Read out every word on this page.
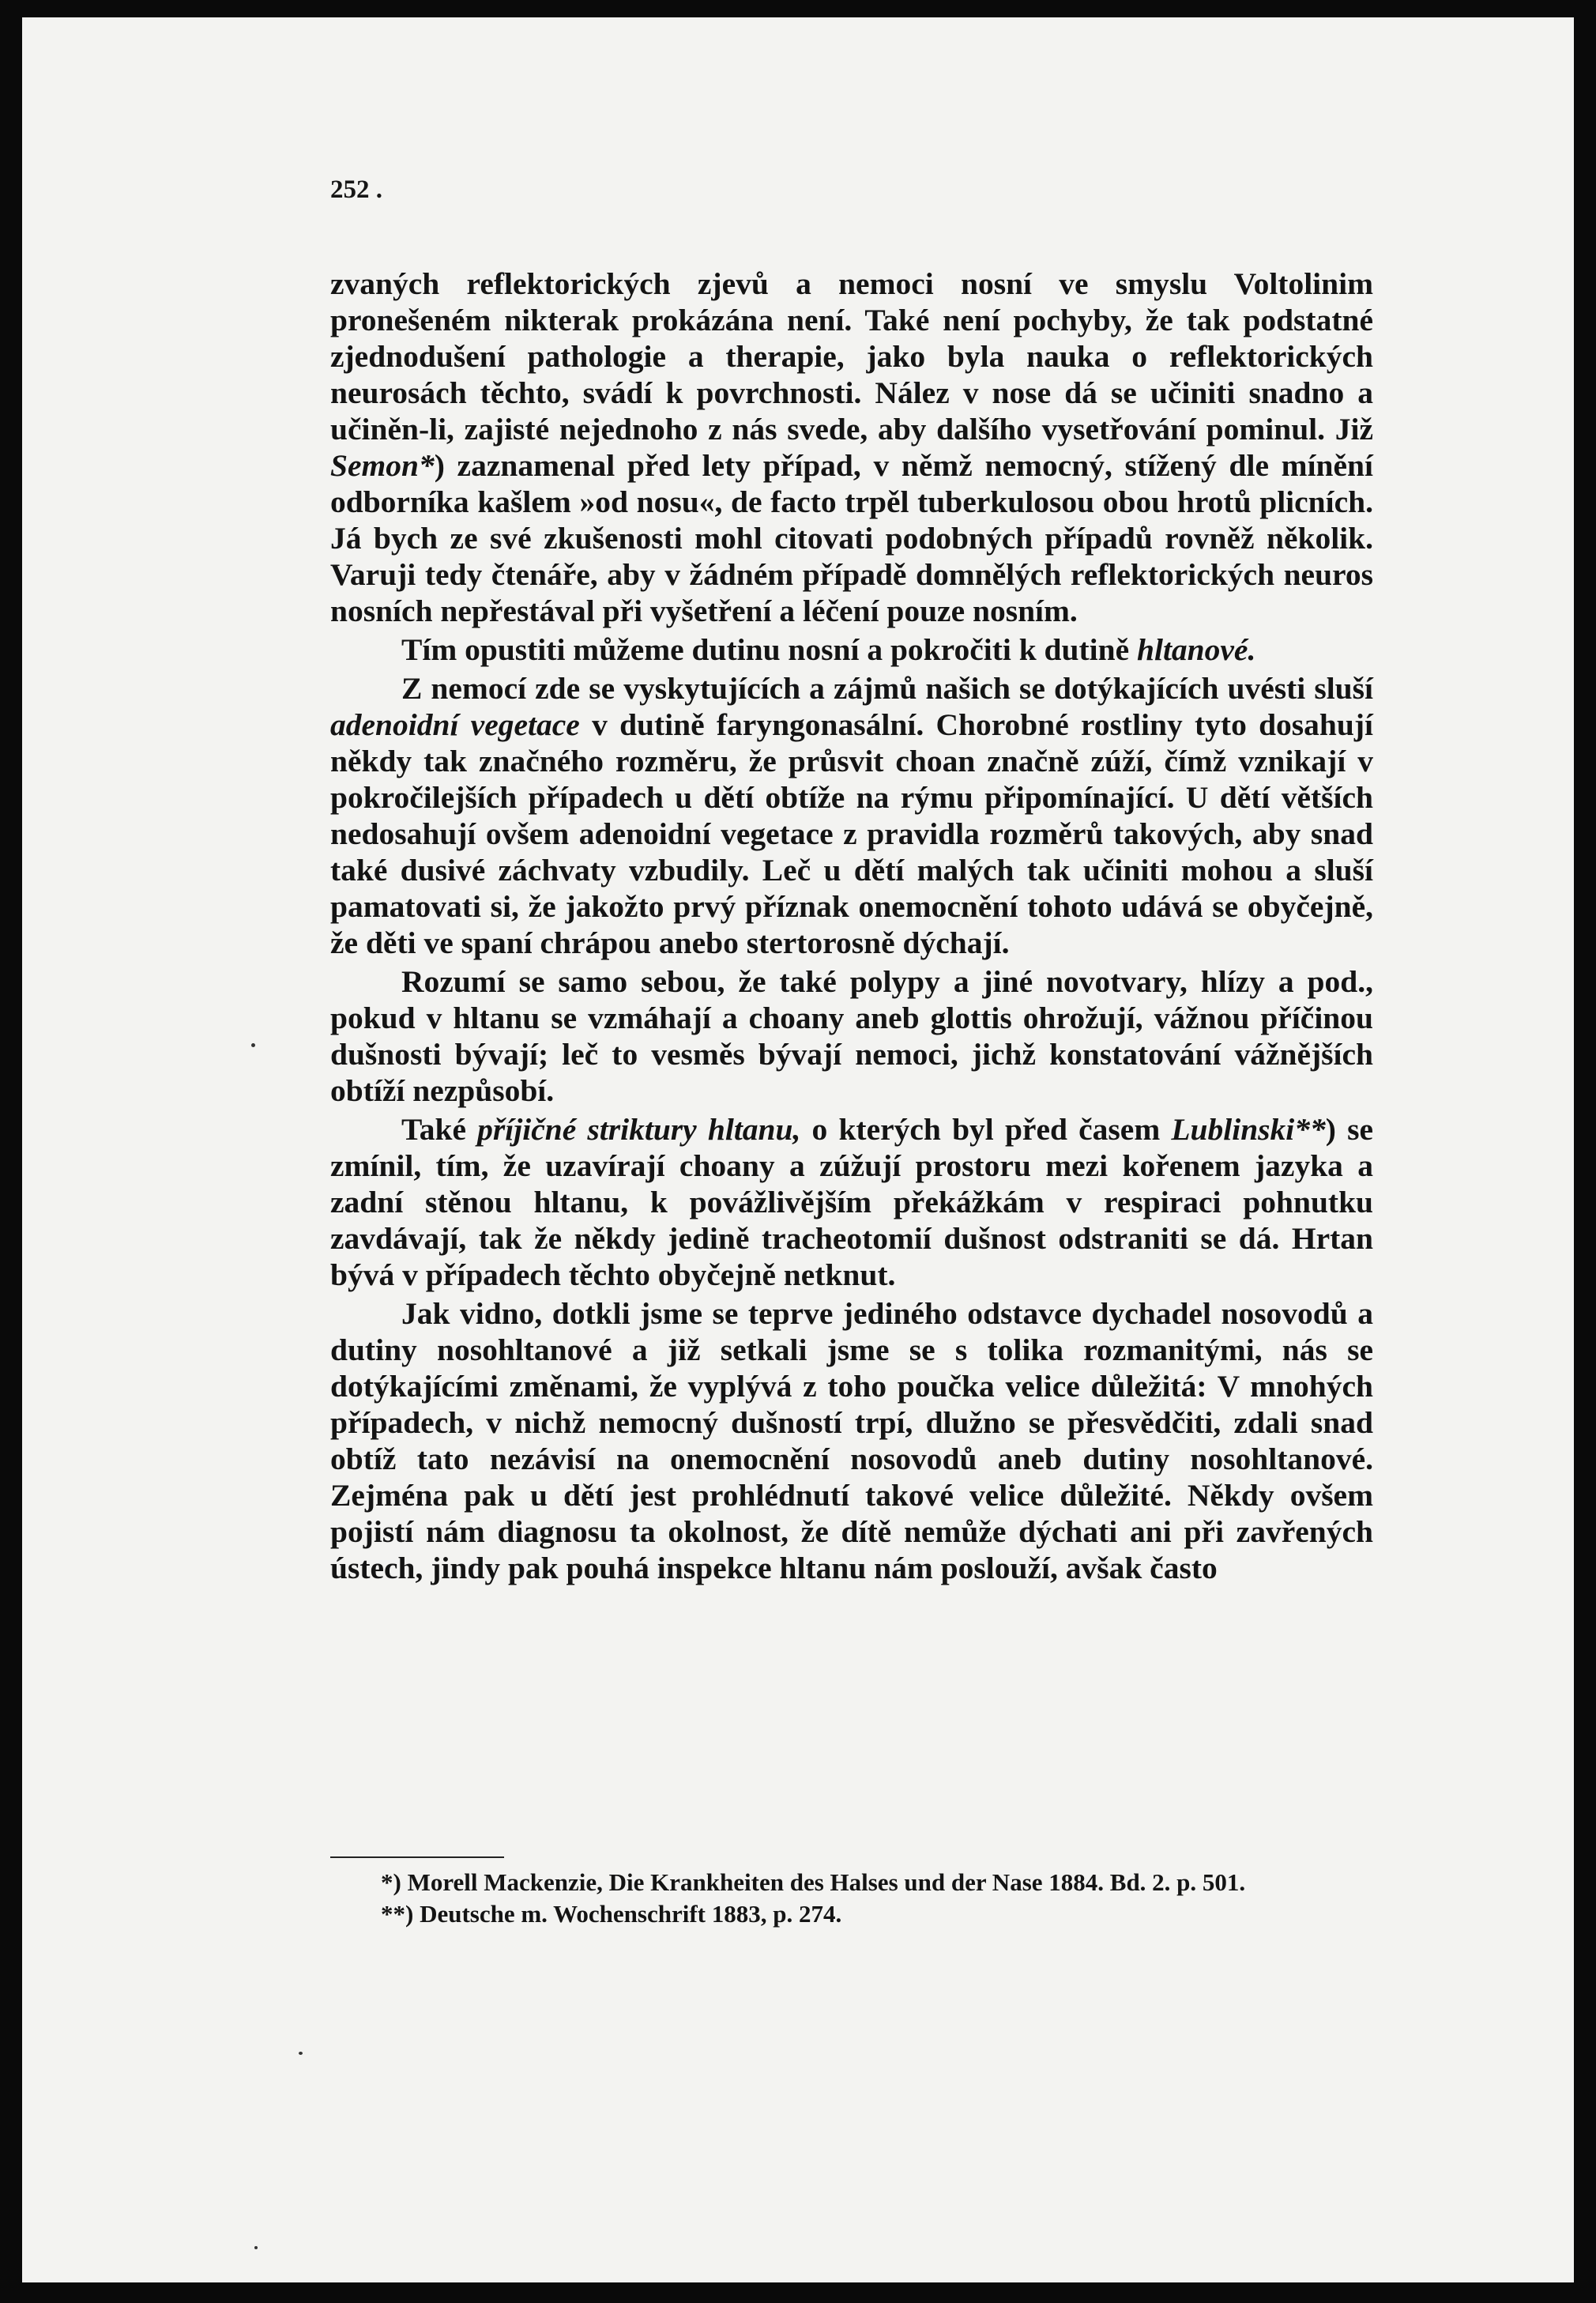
252 .

zvaných reflektorických zjevů a nemoci nosní ve smyslu Voltolinim pronešeném nikterak prokázána není. Také není pochyby, že tak podstatné zjednodušení pathologie a therapie, jako byla nauka o reflektorických neurosách těchto, svádí k povrchnosti. Nález v nose dá se učiniti snadno a učiněn-li, zajisté nejednoho z nás svede, aby dalšího vysetřování pominul. Již Semon*) zaznamenal před lety případ, v němž nemocný, stížený dle mínění odborníka kašlem »od nosu«, de facto trpěl tuberkulosou obou hrotů plicních. Já bych ze své zkušenosti mohl citovati podobných případů rovněž několik. Varuji tedy čtenáře, aby v žádném případě domnělých reflektorických neuros nosních nepřestával při vyšetření a léčení pouze nosním.

Tím opustiti můžeme dutinu nosní a pokročiti k dutině hltanové.

Z nemocí zde se vyskytujících a zájmů našich se dotýkajících uvésti sluší adenoidní vegetace v dutině faryngonasální. Chorobné rostliny tyto dosahují někdy tak značného rozměru, že průsvit choan značně zúží, čímž vznikají v pokročilejších případech u dětí obtíže na rýmu připomínající. U dětí větších nedosahují ovšem adenoidní vegetace z pravidla rozměrů takových, aby snad také dusivé záchvaty vzbudily. Leč u dětí malých tak učiniti mohou a sluší pamatovati si, že jakožto prvý příznak onemocnění tohoto udává se obyčejně, že děti ve spaní chrápou anebo stertorosně dýchají.

Rozumí se samo sebou, že také polypy a jiné novotvary, hlízy a pod., pokud v hltanu se vzmáhají a choany aneb glottis ohrožují, vážnou příčinou dušnosti bývají; leč to vesměs bývají nemoci, jichž konstatování vážnějších obtíží nezpůsobí.

Také příjičné striktury hltanu, o kterých byl před časem Lublinski**) se zmínil, tím, že uzavírají choany a zúžují prostoru mezi kořenem jazyka a zadní stěnou hltanu, k povážlivějším překážkám v respiraci pohnutku zavdávají, tak že někdy jedině tracheotomií dušnost odstraniti se dá. Hrtan bývá v případech těchto obyčejně netknut.

Jak vidno, dotkli jsme se teprve jediného odstavce dychadel nosovodů a dutiny nosohltanové a již setkali jsme se s tolika rozmanitými, nás se dotýkajícími změnami, že vyplývá z toho poučka velice důležitá: V mnohých případech, v nichž nemocný dušností trpí, dlužno se přesvědčiti, zdali snad obtíž tato nezávisí na onemocnění nosovodů aneb dutiny nosohltanové. Zejména pak u dětí jest prohlédnutí takové velice důležité. Někdy ovšem pojistí nám diagnosu ta okolnost, že dítě nemůže dýchati ani při zavřených ústech, jindy pak pouhá inspekce hltanu nám poslouží, avšak často

*) Morell Mackenzie, Die Krankheiten des Halses und der Nase 1884. Bd. 2. p. 501.

**) Deutsche m. Wochenschrift 1883, p. 274.
